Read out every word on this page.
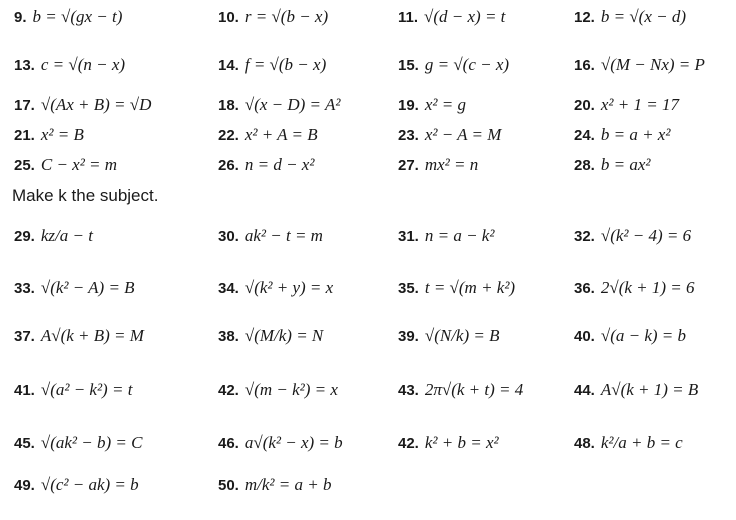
Make k the subject.
9. b = √(gx − t)	10. r = √(b − x)	11. √(d − x) = t	12. b = √(x − d)
13. c = √(n − x)	14. f = √(b − x)	15. g = √(c − x)	16. √(M − Nx) = P
17. √(Ax + B) = √D	18. √(x − D) = A²	19. x² = g	20. x² + 1 = 17
21. x² = B	22. x² + A = B	23. x² − A = M	24. b = a + x²
25. C − x² = m	26. n = d − x²	27. mx² = n	28. b = ax²
29. kz/a − t	30. ak² − t = m	31. n = a − k²	32. √(k² − 4) = 6
33. √(k² − A) = B	34. √(k² + y) = x	35. t = √(m + k²)	36. 2√(k + 1) = 6
37. A√(k + B) = M	38. √(M/k) = N	39. √(N/k) = B	40. √(a − k) = b
41. √(a² − k²) = t	42. √(m − k²) = x	43. 2π√(k + t) = 4	44. A√(k + 1) = B
45. √(ak² − b) = C	46. a√(k² − x) = b	42. k² + b = x²	48. k²/a + b = c
49. √(c² − ak) = b	50. m/k² = a + b
